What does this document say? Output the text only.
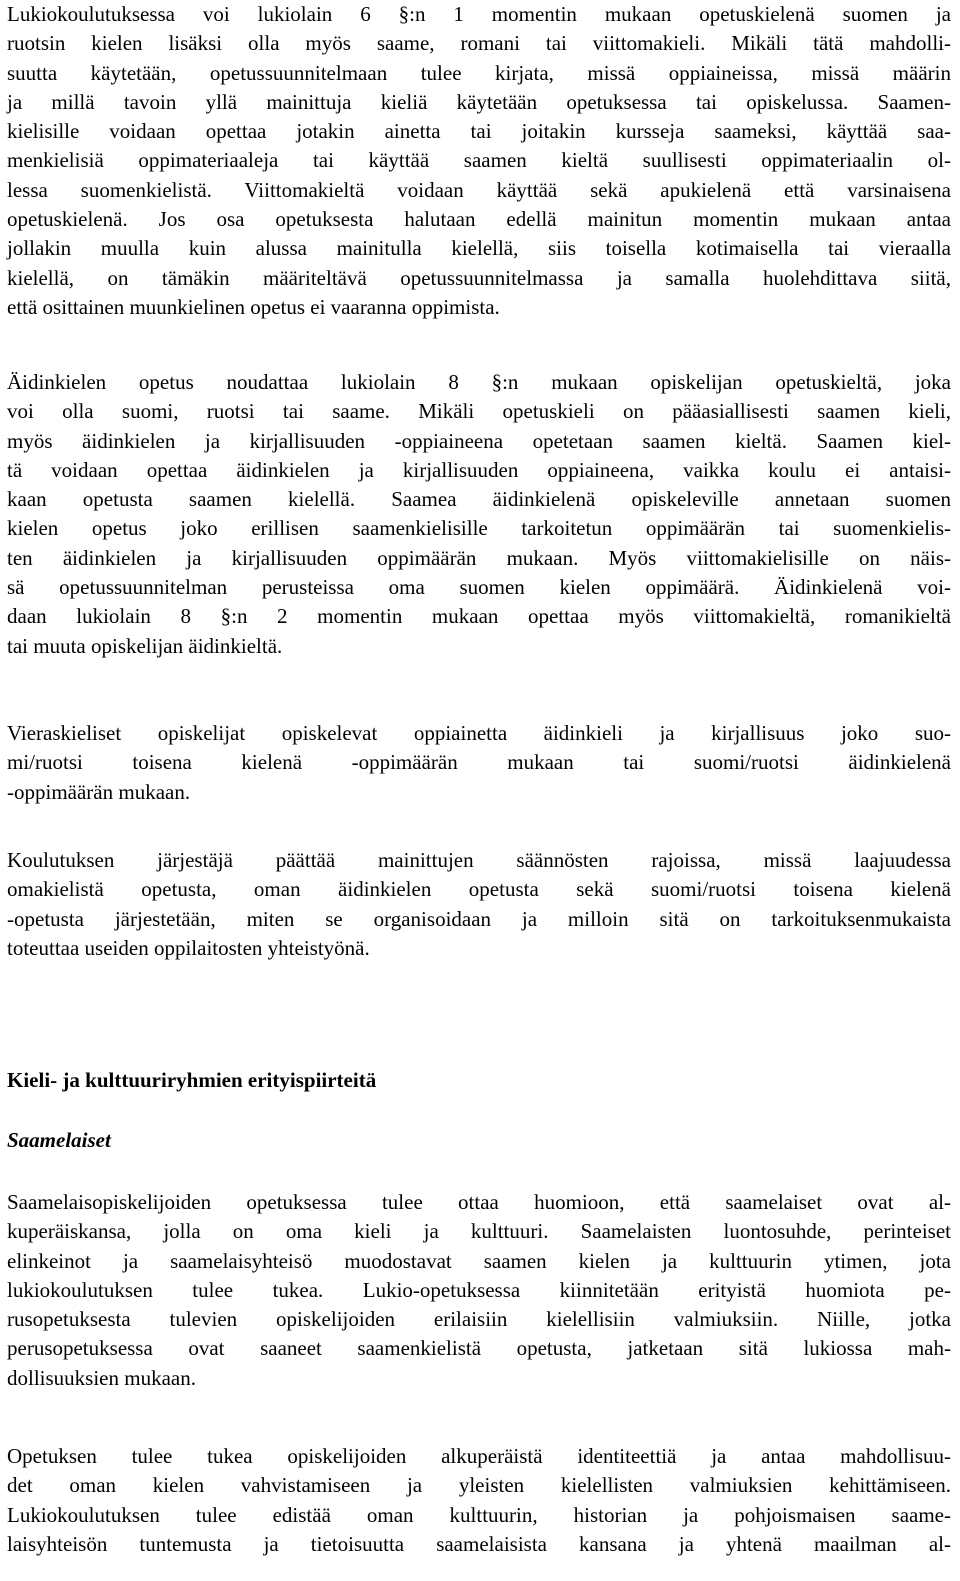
Lukiokoulutuksessa voi lukiolain 6 §:n 1 momentin mukaan opetuskielenä suomen ja
ruotsin kielen lisäksi olla myös saame, romani tai viittomakieli. Mikäli tätä mahdolli-
suutta käytetään, opetussuunnitelmaan tulee kirjata, missä oppiaineissa, missä määrin
ja millä tavoin yllä mainittuja kieliä käytetään opetuksessa tai opiskelussa. Saamen-
kielisille voidaan opettaa jotakin ainetta tai joitakin kursseja saameksi, käyttää saa-
menkielisiä oppimateriaaleja tai käyttää saamen kieltä suullisesti oppimateriaalin ol-
lessa suomenkielistä. Viittomakieltä voidaan käyttää sekä apukielenä että varsinaisena
opetuskielenä. Jos osa opetuksesta halutaan edellä mainitun momentin mukaan antaa
jollakin muulla kuin alussa mainitulla kielellä, siis toisella kotimaisella tai vieraalla
kielellä, on tämäkin määriteltävä opetussuunnitelmassa ja samalla huolehdittava siitä,
että osittainen muunkielinen opetus ei vaaranna oppimista.
Äidinkielen opetus noudattaa lukiolain 8 §:n mukaan opiskelijan opetuskieltä, joka
voi olla suomi, ruotsi tai saame. Mikäli opetuskieli on pääasiallisesti saamen kieli,
myös äidinkielen ja kirjallisuuden -oppiaineena opetetaan saamen kieltä. Saamen kiel-
tä voidaan opettaa äidinkielen ja kirjallisuuden oppiaineena, vaikka koulu ei antaisi-
kaan opetusta saamen kielellä. Saamea äidinkielenä opiskeleville annetaan suomen
kielen opetus joko erillisen saamenkielisille tarkoitetun oppimäärän tai suomenkielis-
ten äidinkielen ja kirjallisuuden oppimäärän mukaan. Myös viittomakielisille on näis-
sä opetussuunnitelman perusteissa oma suomen kielen oppimäärä. Äidinkielenä voi-
daan lukiolain 8 §:n 2 momentin mukaan opettaa myös viittomakieltä, romanikieltä
tai muuta opiskelijan äidinkieltä.
Vieraskieliset opiskelijat opiskelevat oppiainetta äidinkieli ja kirjallisuus joko suo-
mi/ruotsi toisena kielenä -oppimäärän mukaan tai suomi/ruotsi äidinkielenä
-oppimäärän mukaan.
Koulutuksen järjestäjä päättää mainittujen säännösten rajoissa, missä laajuudessa
omakielistä opetusta, oman äidinkielen opetusta sekä suomi/ruotsi toisena kielenä
-opetusta järjestetään, miten se organisoidaan ja milloin sitä on tarkoituksenmukaista
toteuttaa useiden oppilaitosten yhteistyönä.
Kieli- ja kulttuuriryhmien erityispiirteitä
Saamelaiset
Saamelaisopiskelijoiden opetuksessa tulee ottaa huomioon, että saamelaiset ovat al-
kuperäiskansa, jolla on oma kieli ja kulttuuri. Saamelaisten luontosuhde, perinteiset
elinkeinot ja saamelaisyhteisö muodostavat saamen kielen ja kulttuurin ytimen, jota
lukiokoulutuksen tulee tukea. Lukio-opetuksessa kiinnitetään erityistä huomiota pe-
rusopetuksesta tulevien opiskelijoiden erilaisiin kielellisiin valmiuksiin. Niille, jotka
perusopetuksessa ovat saaneet saamenkielistä opetusta, jatketaan sitä lukiossa mah-
dollisuuksien mukaan.
Opetuksen tulee tukea opiskelijoiden alkuperäistä identiteettiä ja antaa mahdollisuu-
det oman kielen vahvistamiseen ja yleisten kielellisten valmiuksien kehittämiseen.
Lukiokoulutuksen tulee edistää oman kulttuurin, historian ja pohjoismaisen saame-
laisyhteisön tuntemusta ja tietoisuutta saamelaisista kansana ja yhtenä maailman al-
